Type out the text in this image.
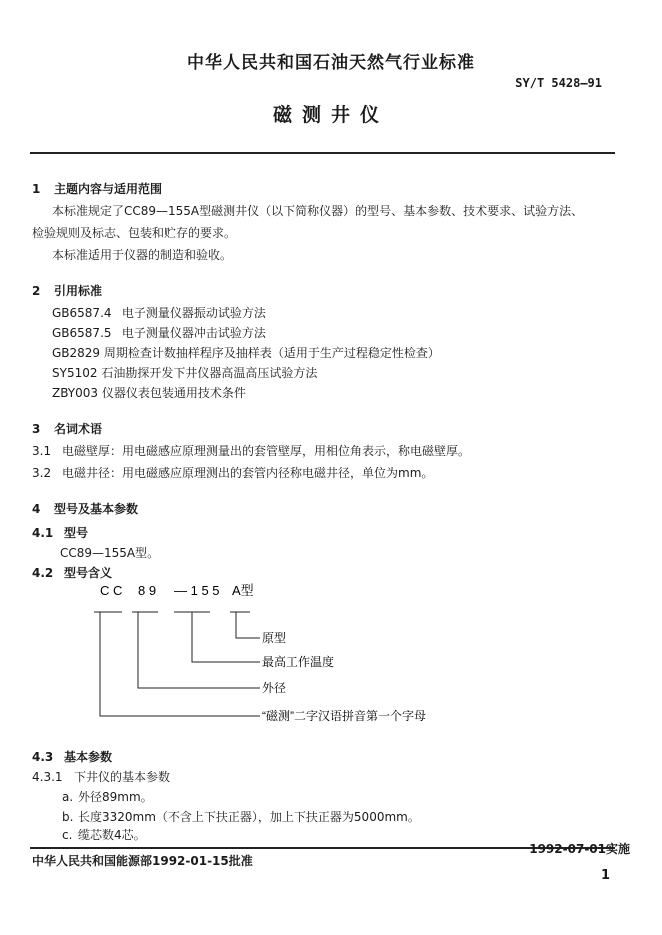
中华人民共和国石油天然气行业标准
SY/T 5428—91
磁测井仪
1 主题内容与适用范围
本标准规定了CC89—155A型磁测井仪（以下简称仪器）的型号、基本参数、技术要求、试验方法、
检验规则及标志、包装和贮存的要求。
本标准适用于仪器的制造和验收。
2 引用标准
GB6587.4 电子测量仪器振动试验方法
GB6587.5 电子测量仪器冲击试验方法
GB2829 周期检查计数抽样程序及抽样表（适用于生产过程稳定性检查）
SY5102 石油勘探开发下井仪器高温高压试验方法
ZBY003 仪器仪表包装通用技术条件
3 名词术语
3.1 电磁壁厚：用电磁感应原理测量出的套管壁厚，用相位角表示，称电磁壁厚。
3.2 电磁井径：用电磁感应原理测出的套管内径称电磁井径，单位为mm。
4 型号及基本参数
4.1 型号
CC89—155A型。
4.2 型号含义
C C 8 9 — 1 5 5 A型
原型
最高工作温度
外径
“磁测”二字汉语拼音第一个字母
4.3 基本参数
4.3.1 下井仪的基本参数
a. 外径89mm。
b. 长度3320mm（不含上下扶正器），加上下扶正器为5000mm。
c. 缆芯数4芯。
中华人民共和国能源部1992-01-15批准
1992-07-01实施
1
